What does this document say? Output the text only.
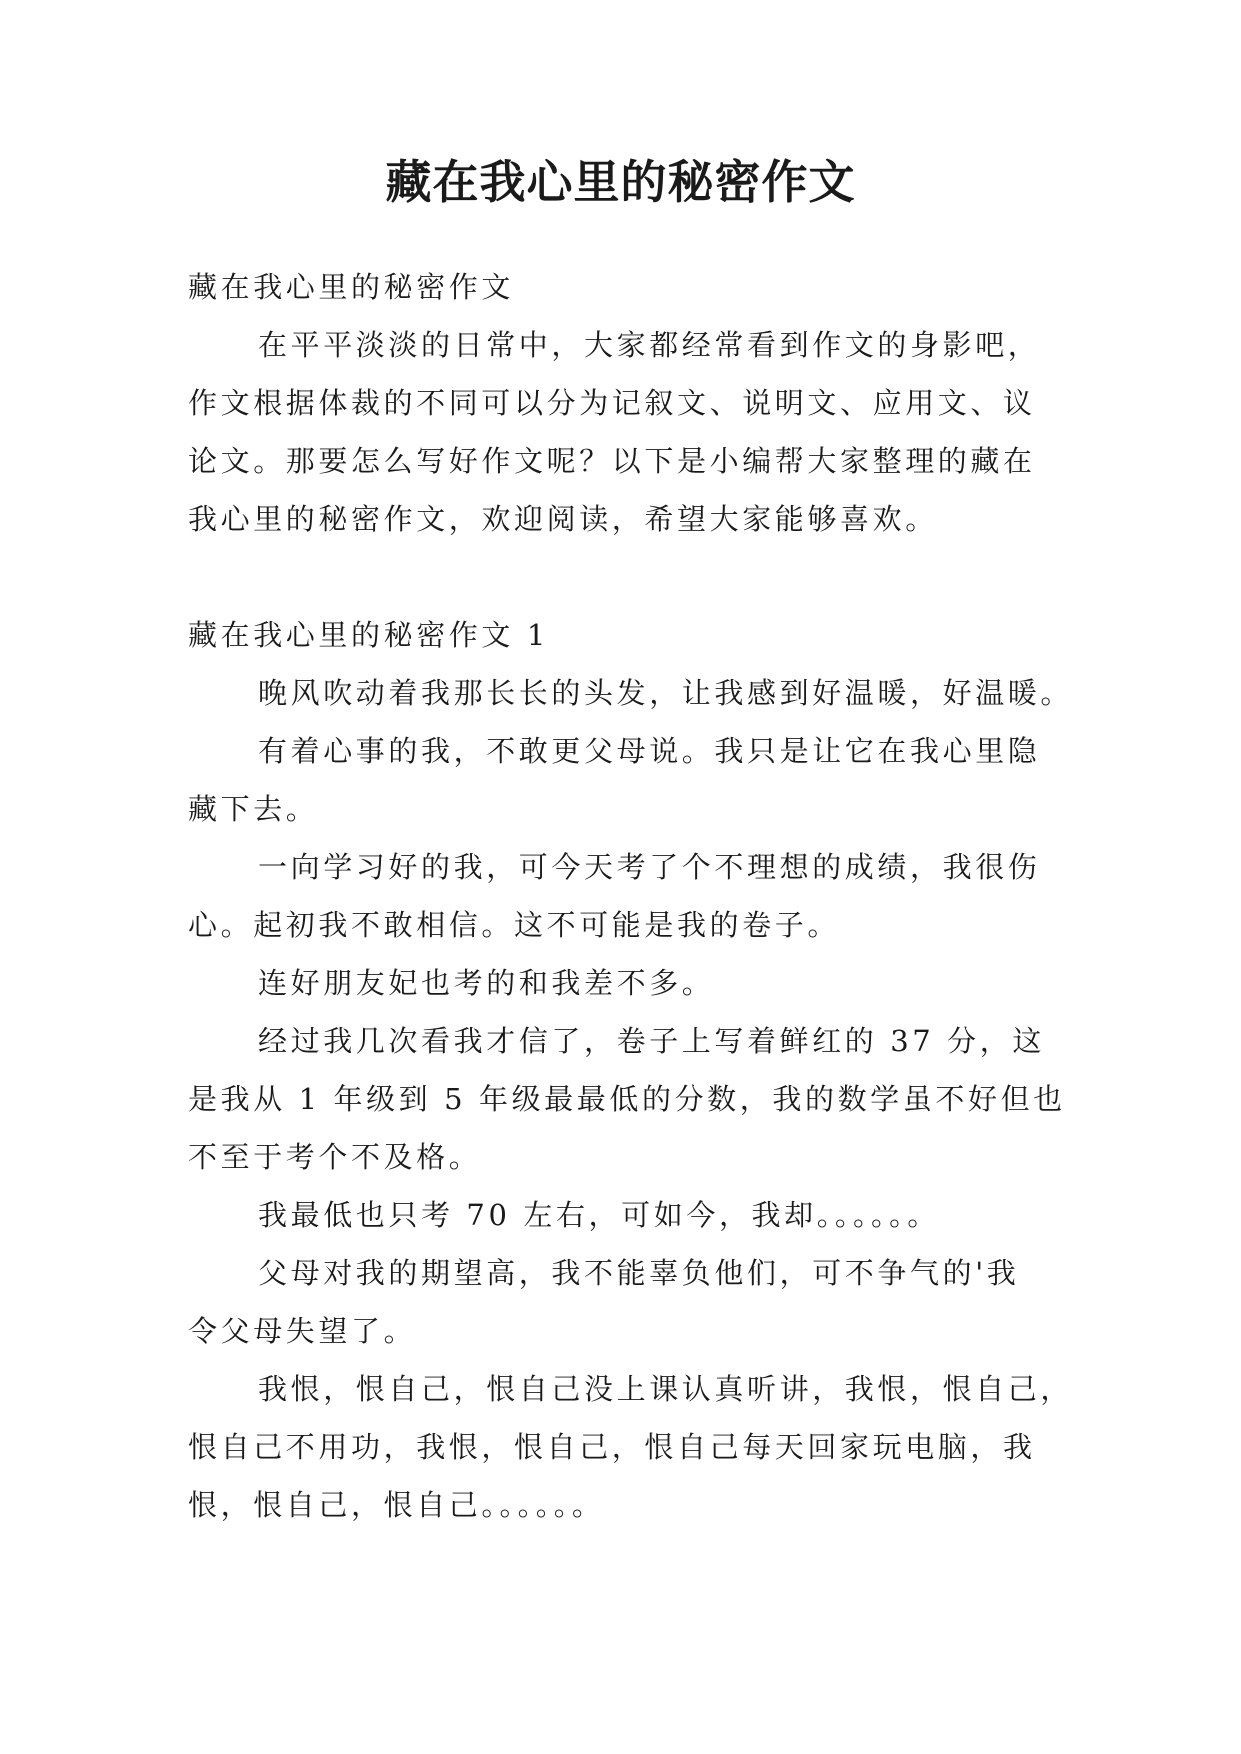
藏在我心里的秘密作文

藏在我心里的秘密作文

在平平淡淡的日常中，大家都经常看到作文的身影吧，

作文根据体裁的不同可以分为记叙文、说明文、应用文、议

论文。那要怎么写好作文呢？以下是小编帮大家整理的藏在

我心里的秘密作文，欢迎阅读，希望大家能够喜欢。

藏在我心里的秘密作文 1

晚风吹动着我那长长的头发，让我感到好温暖，好温暖。

有着心事的我，不敢更父母说。我只是让它在我心里隐

藏下去。

一向学习好的我，可今天考了个不理想的成绩，我很伤

心。起初我不敢相信。这不可能是我的卷子。

连好朋友妃也考的和我差不多。

经过我几次看我才信了，卷子上写着鲜红的 37 分，这

是我从 1 年级到 5 年级最最低的分数，我的数学虽不好但也

不至于考个不及格。

我最低也只考 70 左右，可如今，我却。。。。。。

父母对我的期望高，我不能辜负他们，可不争气的'我

令父母失望了。

我恨，恨自己，恨自己没上课认真听讲，我恨，恨自己，

恨自己不用功，我恨，恨自己，恨自己每天回家玩电脑，我

恨，恨自己，恨自己。。。。。。
